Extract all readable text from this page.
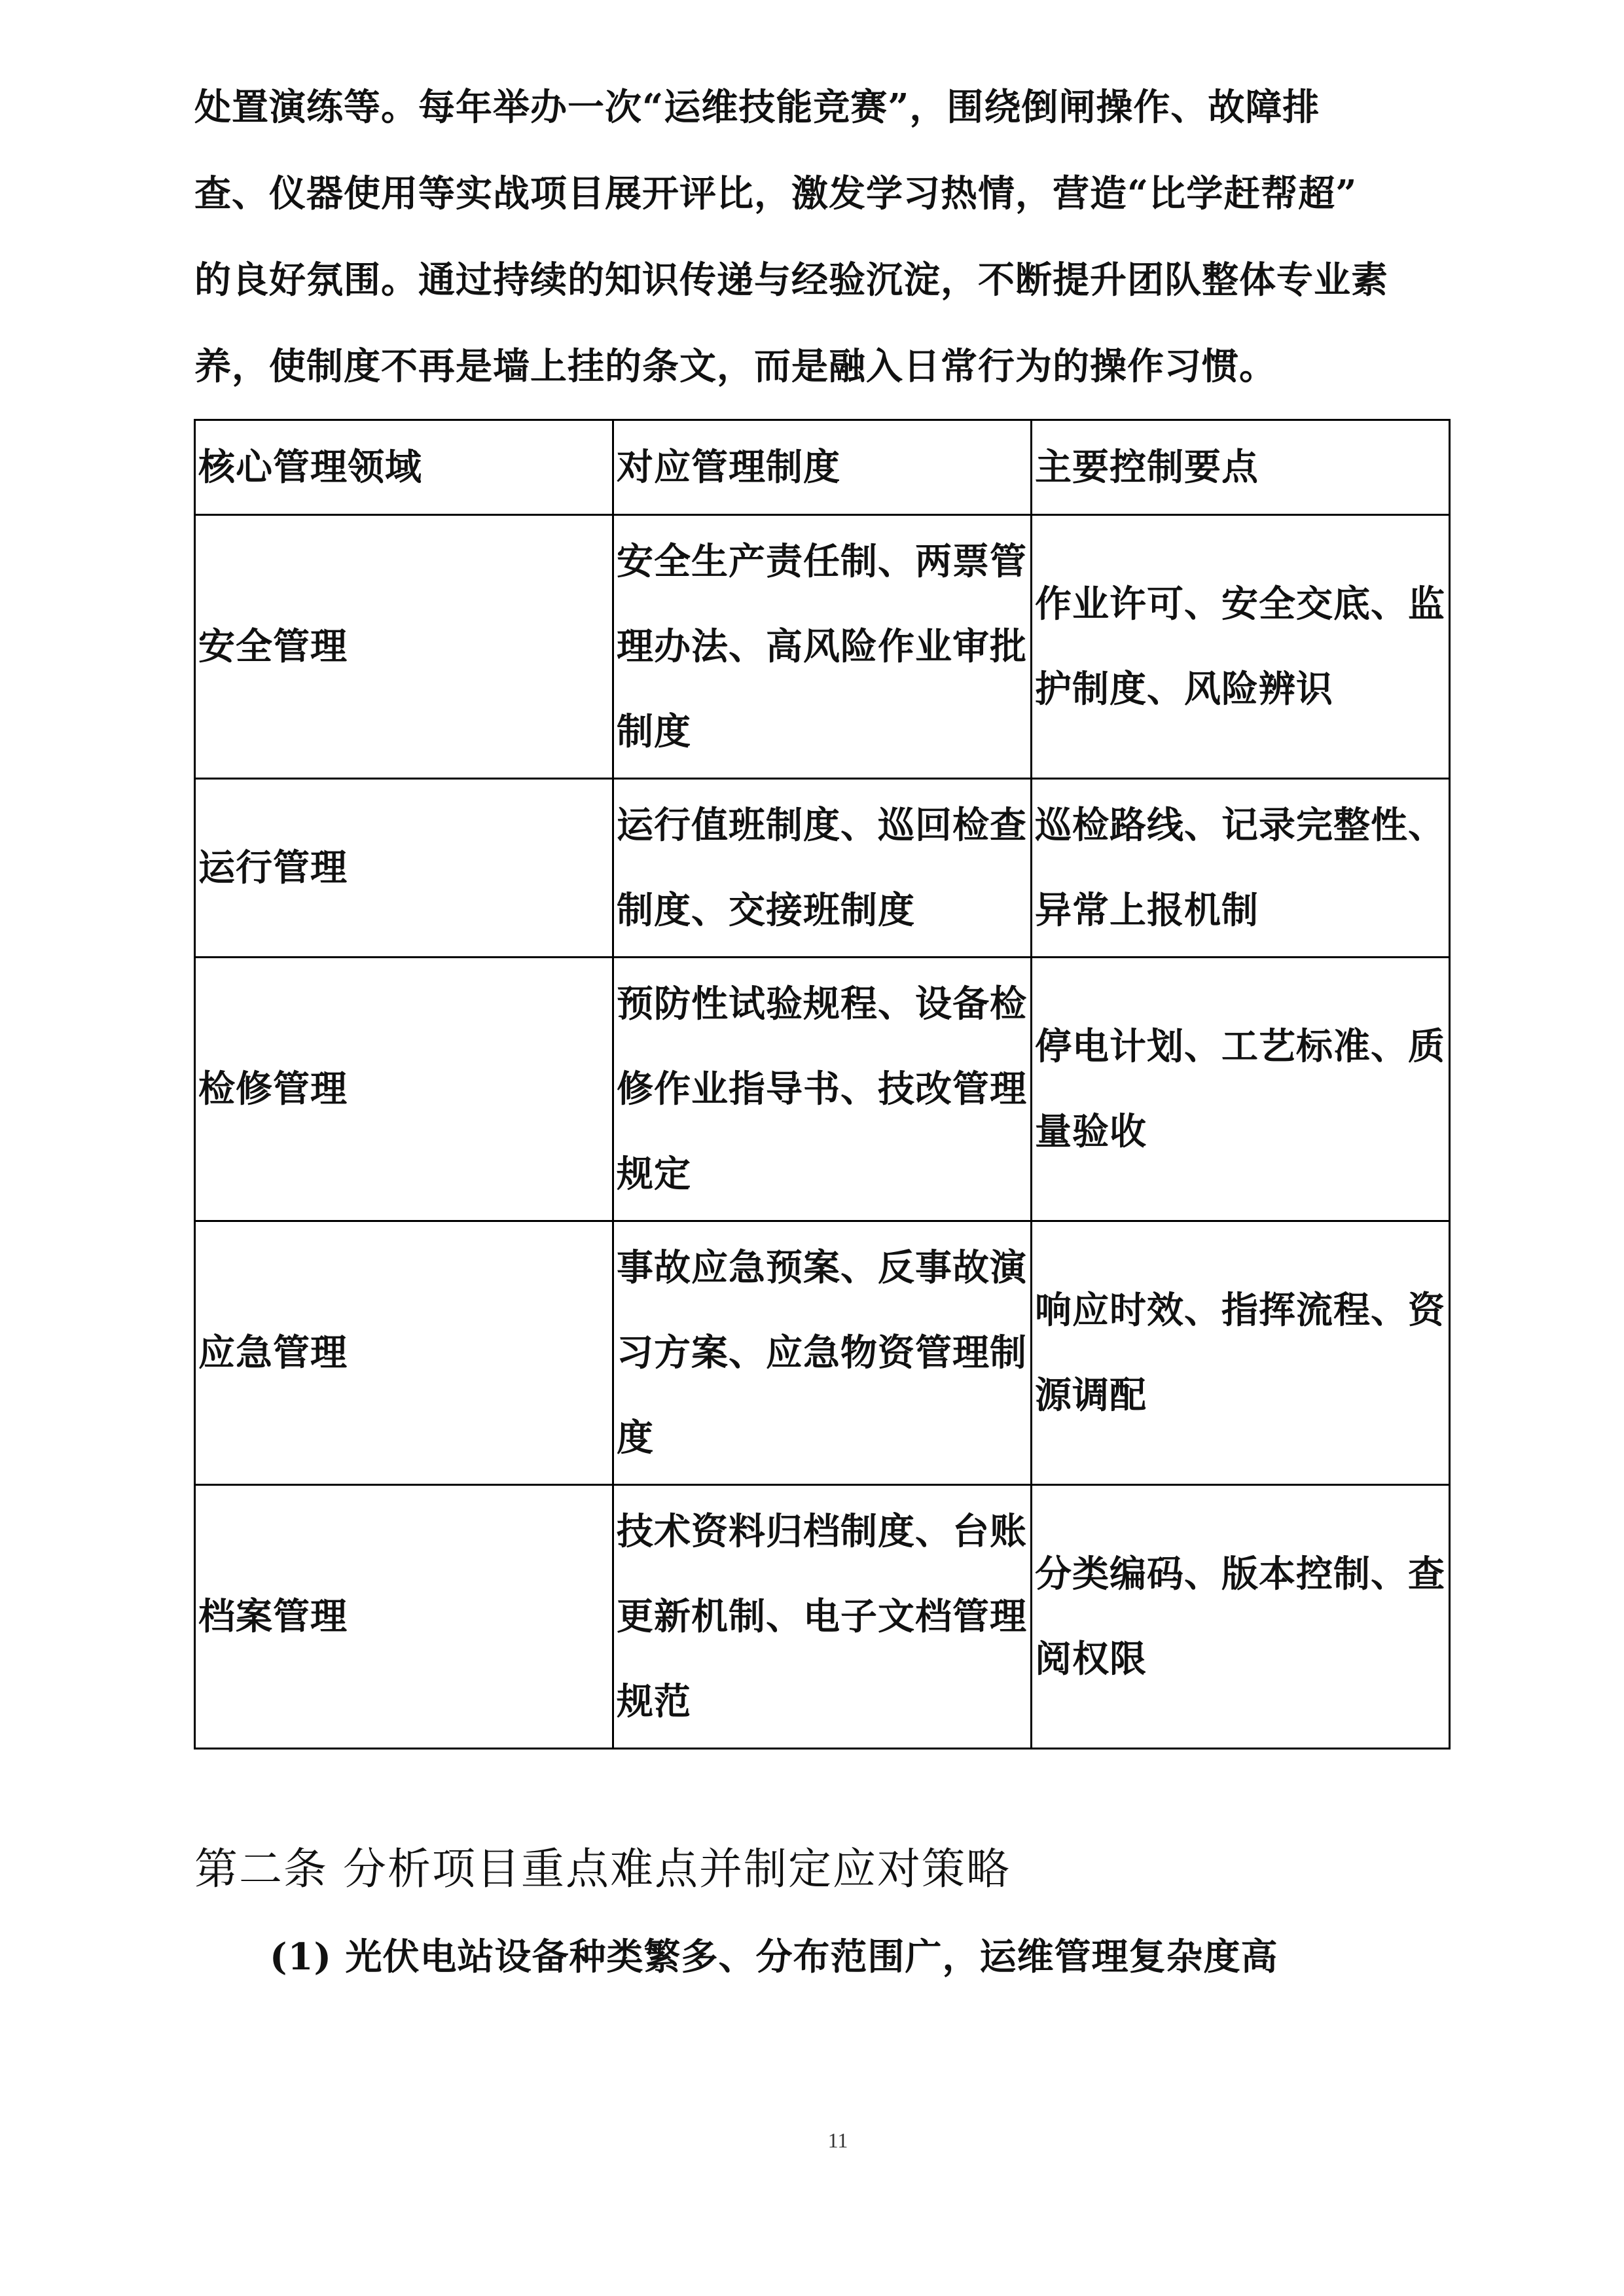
处置演练等。每年举办一次“运维技能竞赛”，围绕倒闸操作、故障排
查、仪器使用等实战项目展开评比，激发学习热情，营造“比学赶帮超”
的良好氛围。通过持续的知识传递与经验沉淀，不断提升团队整体专业素
养，使制度不再是墙上挂的条文，而是融入日常行为的操作习惯。
核心管理领域	对应管理制度	主要控制要点
安全管理	安全生产责任制、两票管理办法、高风险作业审批制度	作业许可、安全交底、监护制度、风险辨识
运行管理	运行值班制度、巡回检查制度、交接班制度	巡检路线、记录完整性、异常上报机制
检修管理	预防性试验规程、设备检修作业指导书、技改管理规定	停电计划、工艺标准、质量验收
应急管理	事故应急预案、反事故演习方案、应急物资管理制度	响应时效、指挥流程、资源调配
档案管理	技术资料归档制度、台账更新机制、电子文档管理规范	分类编码、版本控制、查阅权限
第二条 分析项目重点难点并制定应对策略
(1) 光伏电站设备种类繁多、分布范围广，运维管理复杂度高
11
